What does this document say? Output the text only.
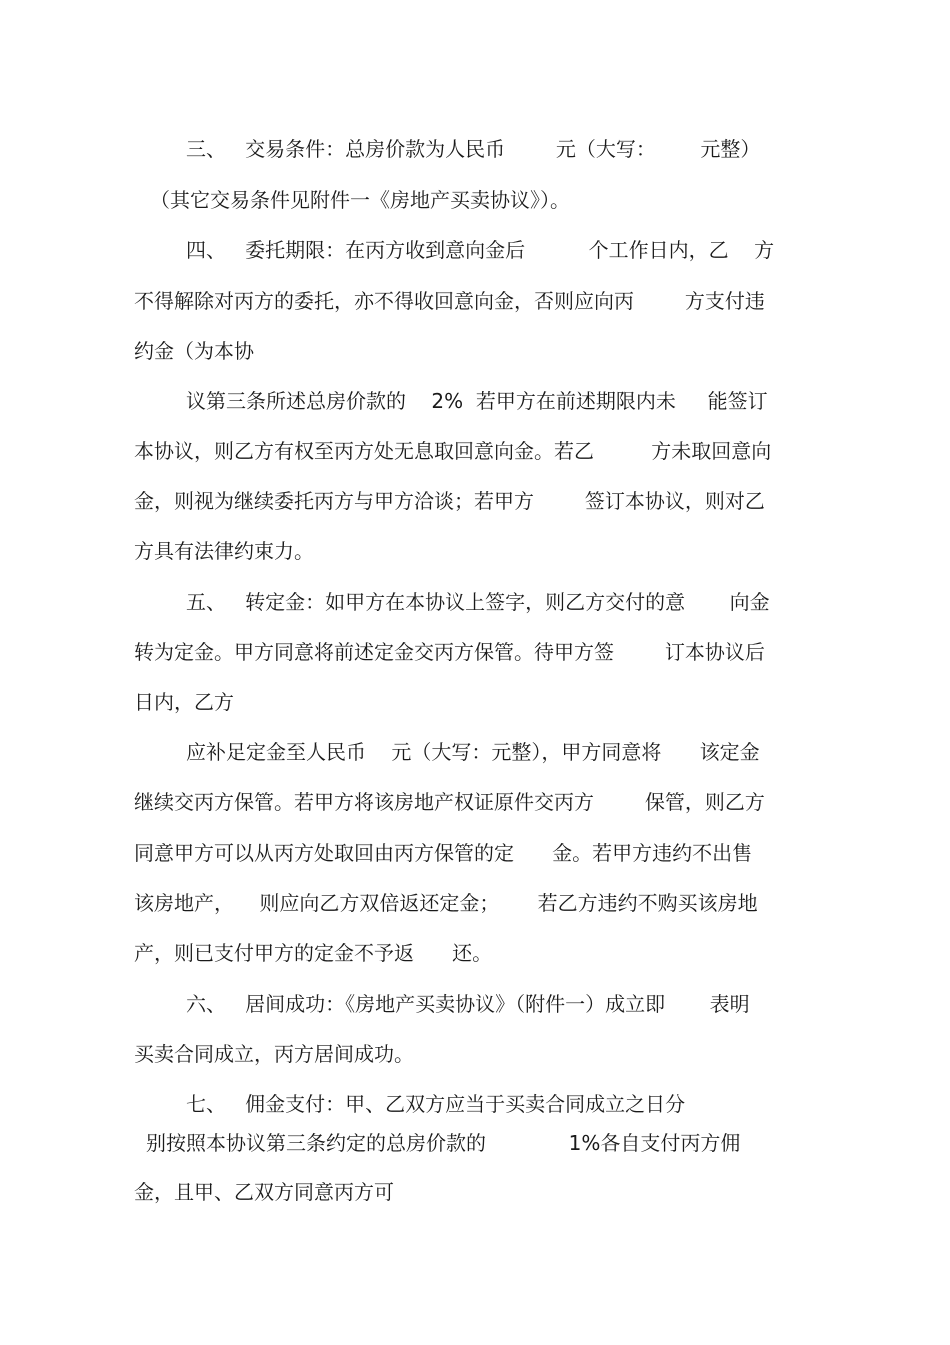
三、   交易条件：总房价款为人民币        元（大写：       元整）
（其它交易条件见附件一《房地产买卖协议》）。
四、   委托期限：在丙方收到意向金后          个工作日内，乙    方
不得解除对丙方的委托，亦不得收回意向金，否则应向丙        方支付违
约金（为本协
议第三条所述总房价款的    2%  若甲方在前述期限内未     能签订
本协议，则乙方有权至丙方处无息取回意向金。若乙         方未取回意向
金，则视为继续委托丙方与甲方洽谈；若甲方        签订本协议，则对乙
方具有法律约束力。
五、   转定金：如甲方在本协议上签字，则乙方交付的意       向金
转为定金。甲方同意将前述定金交丙方保管。待甲方签        订本协议后
日内，乙方
应补足定金至人民币    元（大写：元整），甲方同意将      该定金
继续交丙方保管。若甲方将该房地产权证原件交丙方        保管，则乙方
同意甲方可以从丙方处取回由丙方保管的定      金。若甲方违约不出售
该房地产，    则应向乙方双倍返还定金；      若乙方违约不购买该房地
产，则已支付甲方的定金不予返      还。
六、   居间成功：《房地产买卖协议》（附件一）成立即       表明
买卖合同成立，丙方居间成功。
七、   佣金支付：甲、乙双方应当于买卖合同成立之日分
别按照本协议第三条约定的总房价款的             1%各自支付丙方佣
金，且甲、乙双方同意丙方可
